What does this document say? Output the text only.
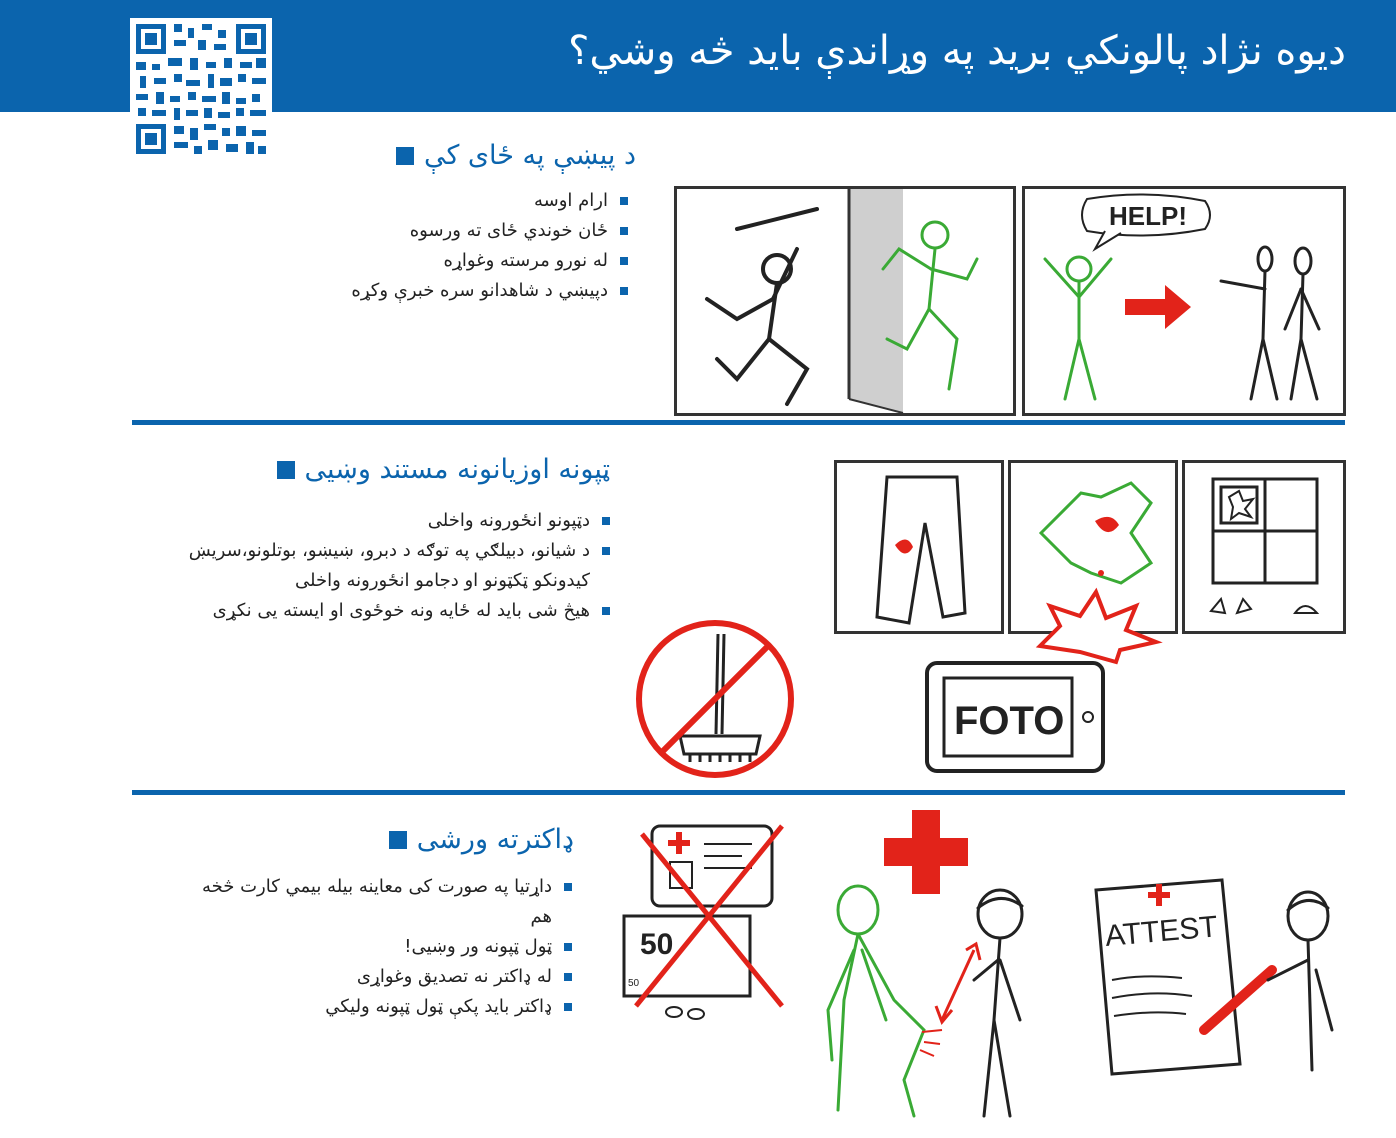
دیوه نژاد پالونکي برید په وړاندې باید څه وشي؟
د پیښې په ځای کې
ارام اوسه
ځان خوندي ځای ته ورسوه
له نورو مرسته وغواړه
دپیښي د شاهدانو سره خبرې وکړه
HELP!
ټپونه اوزیانونه مستند وښيی
دټپونو انځورونه واخلی
د شیانو، دبیلګي په توګه د دبرو، ښیښو، بوتلونو،سریښ کیدونکو ټکټونو او دجامو انځورونه واخلی
هیڅ شی باید له ځایه ونه خوځوی او ایسته یی نکړی
FOTO
ډاکترته ورشی
داړتیا په صورت کی معاینه بیله بیمي کارت څخه هم
ټول ټپونه ور وښیی!
له ډاکتر نه تصدیق وغواړی
ډاکتر باید پکې ټول ټپونه ولیکي
50
50
ATTEST
